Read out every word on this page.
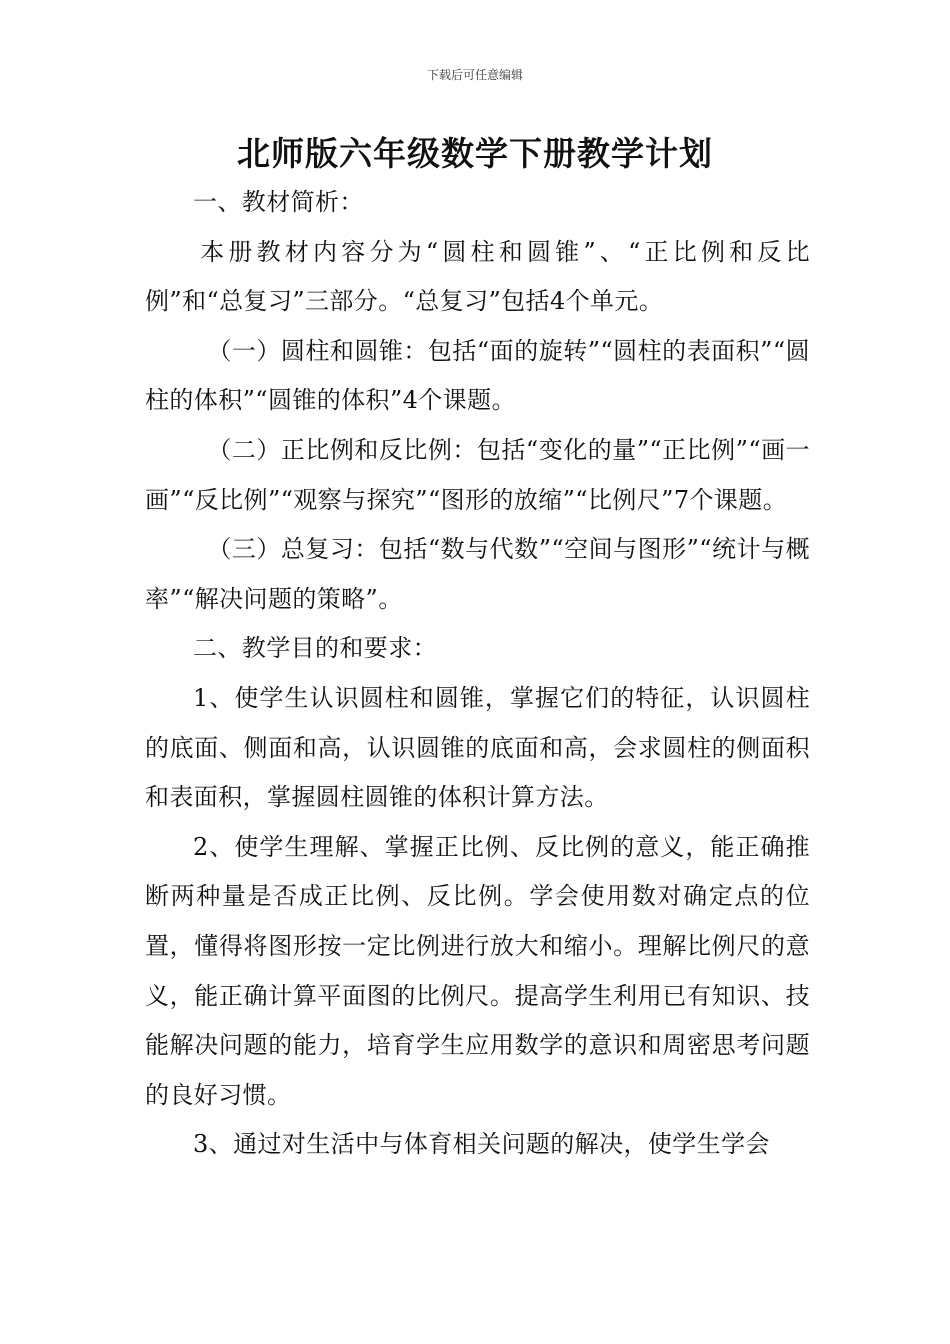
下载后可任意编辑
北师版六年级数学下册教学计划

一、教材简析：

本册教材内容分为“圆柱和圆锥”、“正比例和反比例”和“总复习”三部分。“总复习”包括4个单元。

（一）圆柱和圆锥：包括“面的旋转”“圆柱的表面积”“圆柱的体积”“圆锥的体积”4个课题。

（二）正比例和反比例：包括“变化的量”“正比例”“画一画”“反比例”“观察与探究”“图形的放缩”“比例尺”7个课题。

（三）总复习：包括“数与代数”“空间与图形”“统计与概率”“解决问题的策略”。

二、教学目的和要求：

1、使学生认识圆柱和圆锥，掌握它们的特征，认识圆柱的底面、侧面和高，认识圆锥的底面和高，会求圆柱的侧面积和表面积，掌握圆柱圆锥的体积计算方法。

2、使学生理解、掌握正比例、反比例的意义，能正确推断两种量是否成正比例、反比例。学会使用数对确定点的位置，懂得将图形按一定比例进行放大和缩小。理解比例尺的意义，能正确计算平面图的比例尺。提高学生利用已有知识、技能解决问题的能力，培育学生应用数学的意识和周密思考问题的良好习惯。

3、通过对生活中与体育相关问题的解决，使学生学会
